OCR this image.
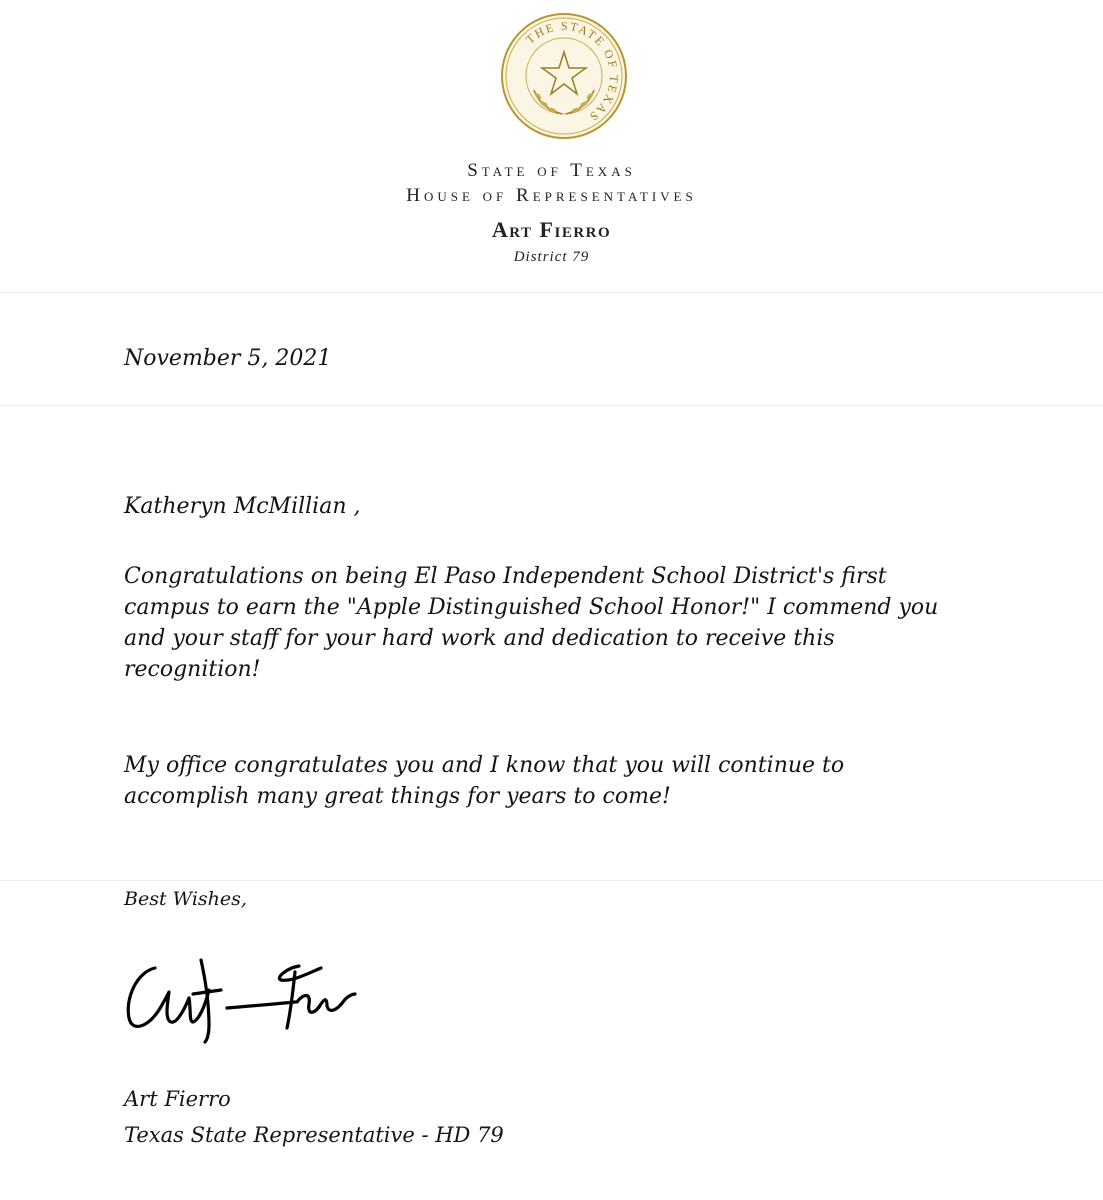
THE STATE OF TEXAS
State of Texas
House of Representatives
Art Fierro
District 79
November 5, 2021
Katheryn McMillian ,
Congratulations on being El Paso Independent School District's first campus to earn the "Apple Distinguished School Honor!" I commend you and your staff for your hard work and dedication to receive this recognition!
My office congratulates you and I know that you will continue to accomplish many great things for years to come!
Best Wishes,
Art Fierro
Texas State Representative - HD 79
